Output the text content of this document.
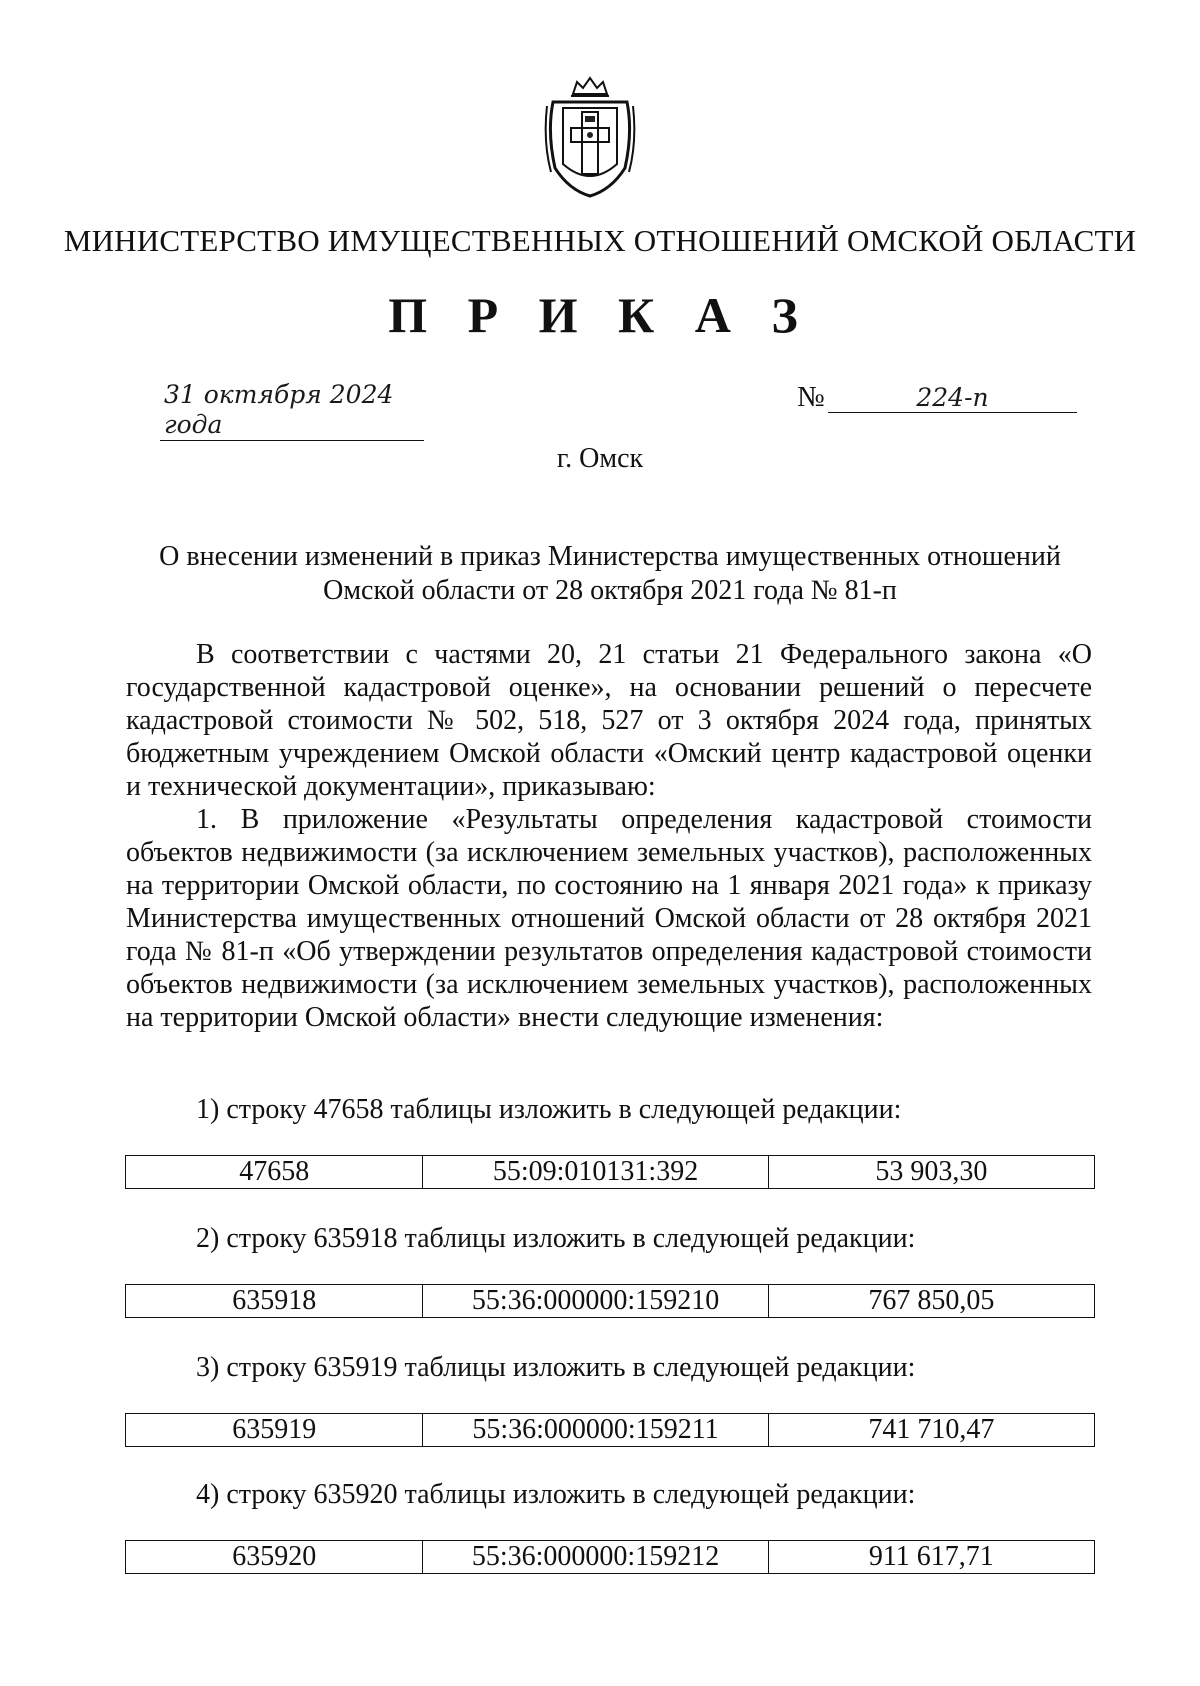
МИНИСТЕРСТВО ИМУЩЕСТВЕННЫХ ОТНОШЕНИЙ ОМСКОЙ ОБЛАСТИ
П Р И К А З
31 октября 2024 года
№	224-п
г. Омск
О внесении изменений в приказ Министерства имущественных отношений
Омской области от 28 октября 2021 года № 81-п

В соответствии с частями 20, 21 статьи 21 Федерального закона «О государственной кадастровой оценке», на основании решений о пересчете кадастровой стоимости № 502, 518, 527 от 3 октября 2024 года, принятых бюджетным учреждением Омской области «Омский центр кадастровой оценки и технической документации», приказываю:

1. В приложение «Результаты определения кадастровой стоимости объектов недвижимости (за исключением земельных участков), расположенных на территории Омской области, по состоянию на 1 января 2021 года» к приказу Министерства имущественных отношений Омской области от 28 октября 2021 года № 81-п «Об утверждении результатов определения кадастровой стоимости объектов недвижимости (за исключением земельных участков), расположенных на территории Омской области» внести следующие изменения:

1) строку 47658 таблицы изложить в следующей редакции:
47658	55:09:010131:392	53 903,30
2) строку 635918 таблицы изложить в следующей редакции:
635918	55:36:000000:159210	767 850,05
3) строку 635919 таблицы изложить в следующей редакции:
635919	55:36:000000:159211	741 710,47
4) строку 635920 таблицы изложить в следующей редакции:
635920	55:36:000000:159212	911 617,71
